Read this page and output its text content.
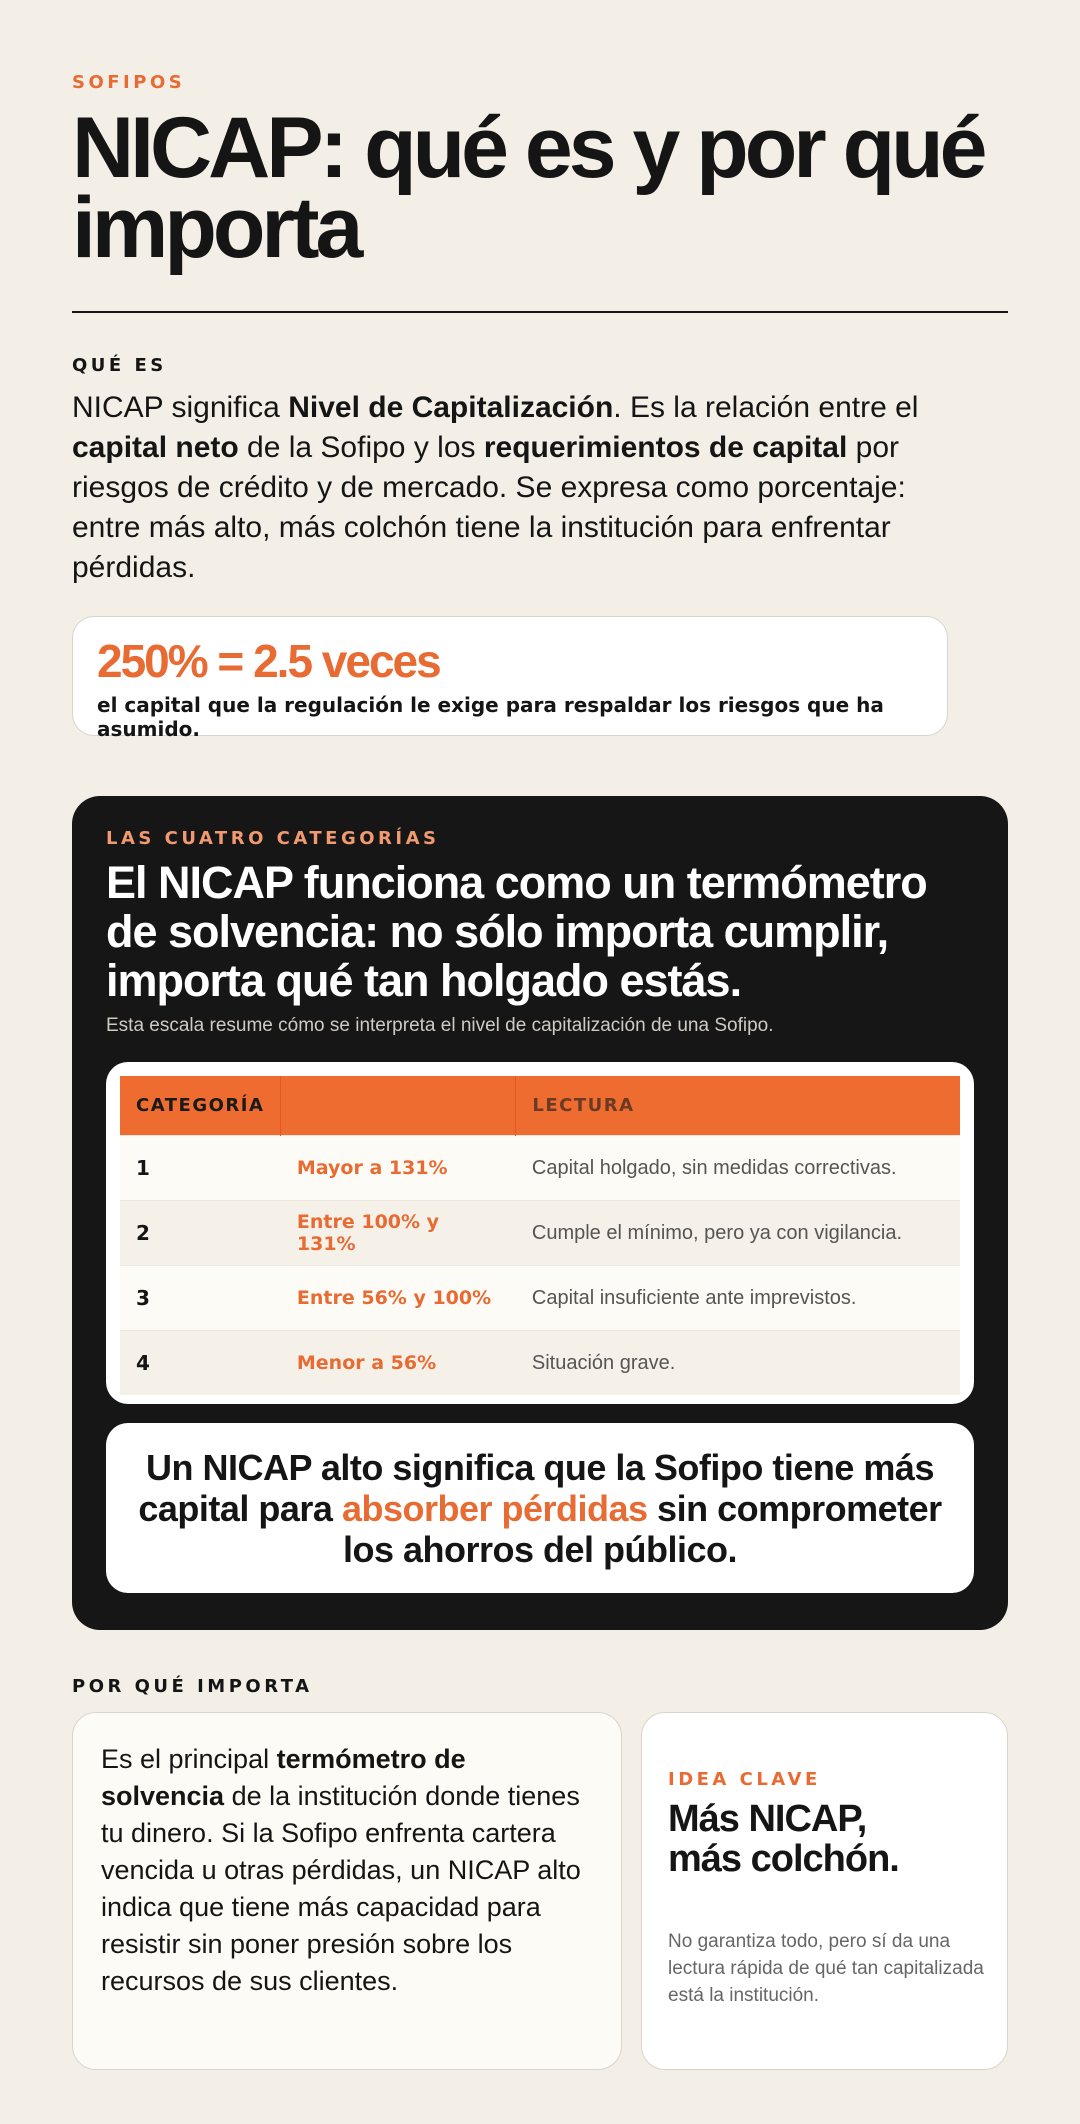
SOFIPOS
NICAP: qué es y por qué importa
QUÉ ES

NICAP significa Nivel de Capitalización. Es la relación entre el capital neto de la Sofipo y los requerimientos de capital por riesgos de crédito y de mercado. Se expresa como porcentaje: entre más alto, más colchón tiene la institución para enfrentar pérdidas.

250% = 2.5 veces
el capital que la regulación le exige para respaldar los riesgos que ha asumido.
LAS CUATRO CATEGORÍAS
El NICAP funciona como un termómetro de solvencia: no sólo importa cumplir, importa qué tan holgado estás.
Esta escala resume cómo se interpreta el nivel de capitalización de una Sofipo.
CATEGORÍA		LECTURA
1	Mayor a 131%	Capital holgado, sin medidas correctivas.
2	Entre 100% y 131%	Cumple el mínimo, pero ya con vigilancia.
3	Entre 56% y 100%	Capital insuficiente ante imprevistos.
4	Menor a 56%	Situación grave.
Un NICAP alto significa que la Sofipo tiene más capital para absorber pérdidas sin comprometer los ahorros del público.
POR QUÉ IMPORTA

Es el principal termómetro de solvencia de la institución donde tienes tu dinero. Si la Sofipo enfrenta cartera vencida u otras pérdidas, un NICAP alto indica que tiene más capacidad para resistir sin poner presión sobre los recursos de sus clientes.

IDEA CLAVE
Más NICAP,
más colchón.

No garantiza todo, pero sí da una lectura rápida de qué tan capitalizada está la institución.
